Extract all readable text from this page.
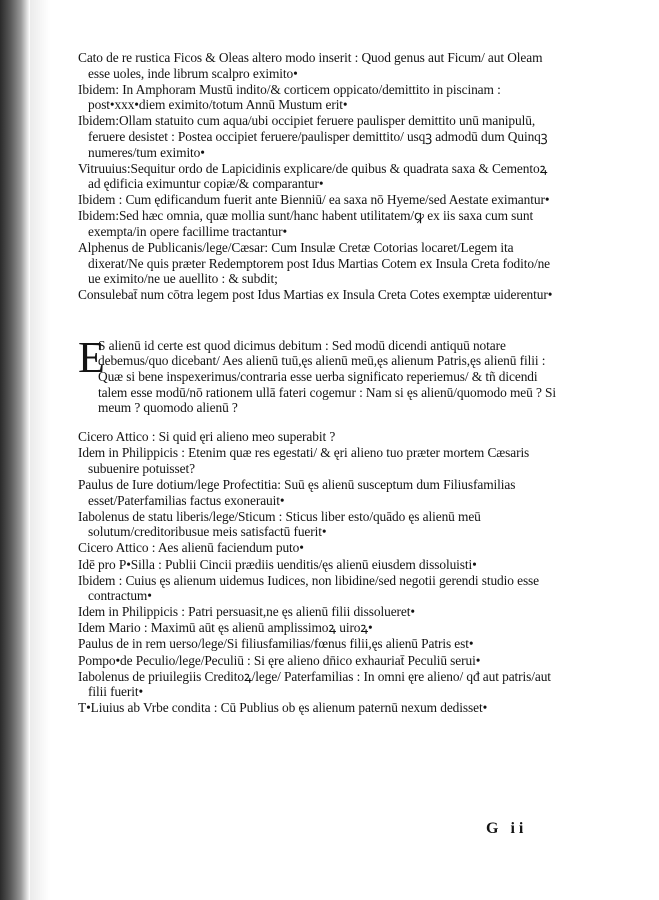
Cato de re rustica Ficos & Oleas altero modo inserit : Quod genus aut Ficum/ aut Oleam esse uoles, inde librum scalpro eximito•

Ibidem: In Amphoram Mustū indito/& corticem oppicato/demittito in piscinam : post•xxx•diem eximito/totum Annū Mustum erit•

Ibidem:Ollam statuito cum aqua/ubi occipiet feruere paulisper demittito unū manipulū, feruere desistet : Postea occipiet feruere/paulisper demittito/ usqꝫ admodū dum Quinqꝫ numeres/tum eximito•

Vitruuius:Sequitur ordo de Lapicidinis explicare/de quibus & quadrata saxa & Cementoꝝ ad ędificia eximuntur copiæ/& comparantur•

Ibidem : Cum ędificandum fuerit ante Bienniū/ ea saxa nō Hyeme/sed Aestate eximantur•

Ibidem:Sed hæc omnia, quæ mollia sunt/hanc habent utilitatem/ꝙ ex iis saxa cum sunt exempta/in opere facillime tractantur•

Alphenus de Publicanis/lege/Cæsar: Cum Insulæ Cretæ Cotorias locaret/Legem ita dixerat/Ne quis præter Redemptorem post Idus Martias Cotem ex Insula Creta fodito/ne ue eximito/ne ue auellito : & subdit;

Consulebat̄ num cōtra legem post Idus Martias ex Insula Creta Cotes exemptæ uiderentur•

E
S alienū id certe est quod dicimus debitum : Sed modū dicendi antiquū notare debemus/quo dicebant/ Aes alienū tuū,ęs alienū meū,ęs alienum Patris,ęs alienū filii : Quæ si bene inspexerimus/contraria esse uerba significato reperiemus/ & tñ dicendi talem esse modū/nō rationem ullā fateri cogemur : Nam si ęs alienū/quomodo meū ? Si meum ? quomodo alienū ?

Cicero Attico : Si quid ęri alieno meo superabit ?

Idem in Philippicis : Etenim quæ res egestati/ & ęri alieno tuo præter mortem Cæsaris subuenire potuisset?

Paulus de Iure dotium/lege Profectitia: Suū ęs alienū susceptum dum Filiusfamilias esset/Paterfamilias factus exonerauit•

Iabolenus de statu liberis/lege/Sticum : Sticus liber esto/quādo ęs alienū meū solutum/creditoribusue meis satisfactū fuerit•

Cicero Attico : Aes alienū faciendum puto•

Idē pro P•Silla : Publii Cincii prædiis uenditis/ęs alienū eiusdem dissoluisti•

Ibidem : Cuius ęs alienum uidemus Iudices, non libidine/sed negotii gerendi studio esse contractum•

Idem in Philippicis : Patri persuasit,ne ęs alienū filii dissolueret•

Idem Mario : Maximū aūt ęs alienū amplissimoꝝ uiroꝝ•

Paulus de in rem uerso/lege/Si filiusfamilias/fœnus filii,ęs alienū Patris est•

Pompo•de Peculio/lege/Peculiū : Si ęre alieno dn̄ico exhauriat̄ Peculiū serui•

Iabolenus de priuilegiis Creditoꝝ/lege/ Paterfamilias : In omni ęre alieno/ qđ aut patris/aut filii fuerit•

T•Liuius ab Vrbe condita : Cū Publius ob ęs alienum paternū nexum dedisset•

G ii
